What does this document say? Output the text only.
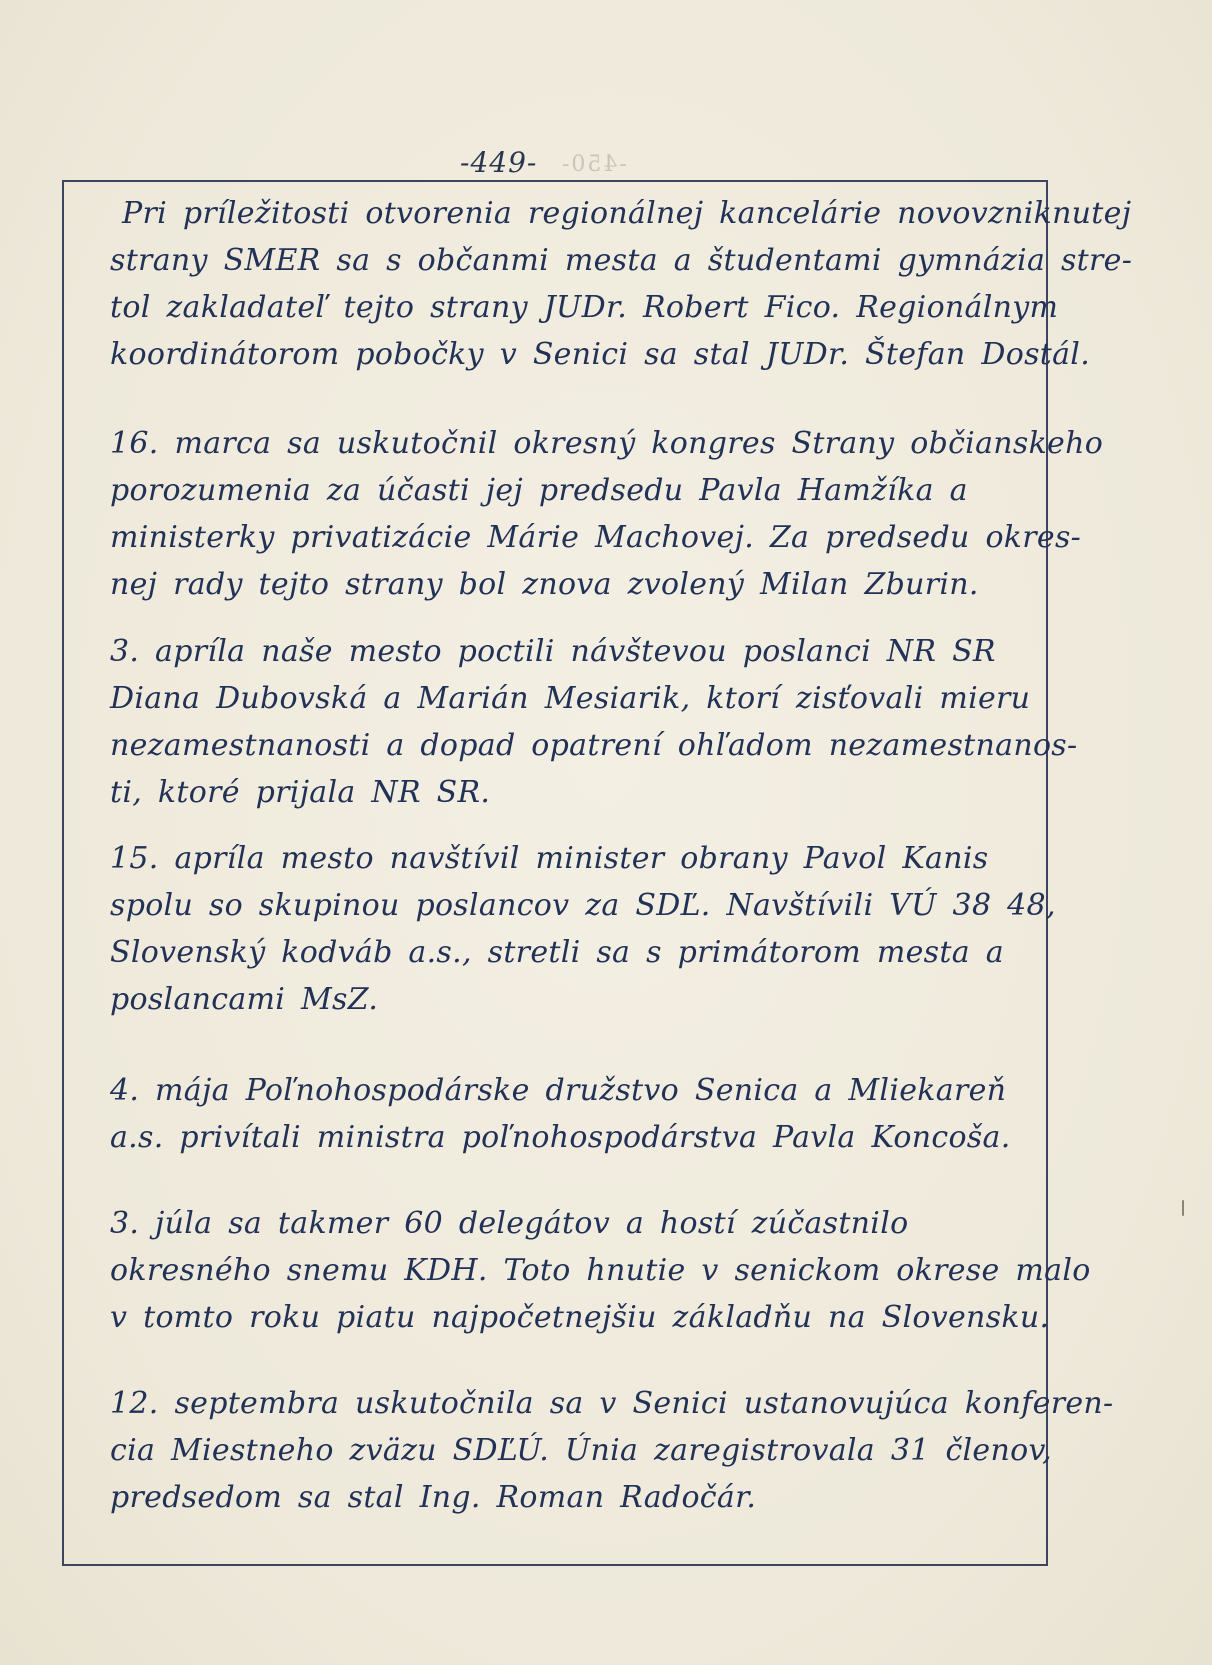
-450-
-449-
Pri príležitosti otvorenia regionálnej kancelárie novovzniknutej
strany SMER sa s občanmi mesta a študentami gymnázia stre-
tol zakladateľ tejto strany JUDr. Robert Fico. Regionálnym
koordinátorom pobočky v Senici sa stal JUDr. Štefan Dostál.
16. marca sa uskutočnil okresný kongres Strany občianskeho
porozumenia za účasti jej predsedu Pavla Hamžíka a
ministerky privatizácie Márie Machovej. Za predsedu okres-
nej rady tejto strany bol znova zvolený Milan Zburin.
3. apríla naše mesto poctili návštevou poslanci NR SR
Diana Dubovská a Marián Mesiarik, ktorí zisťovali mieru
nezamestnanosti a dopad opatrení ohľadom nezamestnanos-
ti, ktoré prijala NR SR.
15. apríla mesto navštívil minister obrany Pavol Kanis
spolu so skupinou poslancov za SDĽ. Navštívili VÚ 38 48,
Slovenský kodváb a.s., stretli sa s primátorom mesta a
poslancami MsZ.
4. mája Poľnohospodárske družstvo Senica a Mliekareň
a.s. privítali ministra poľnohospodárstva Pavla Koncoša.
3. júla sa takmer 60 delegátov a hostí zúčastnilo
okresného snemu KDH. Toto hnutie v senickom okrese malo
v tomto roku piatu najpočetnejšiu základňu na Slovensku.
12. septembra uskutočnila sa v Senici ustanovujúca konferen-
cia Miestneho zväzu SDĽÚ. Únia zaregistrovala 31 členov,
predsedom sa stal Ing. Roman Radočár.
